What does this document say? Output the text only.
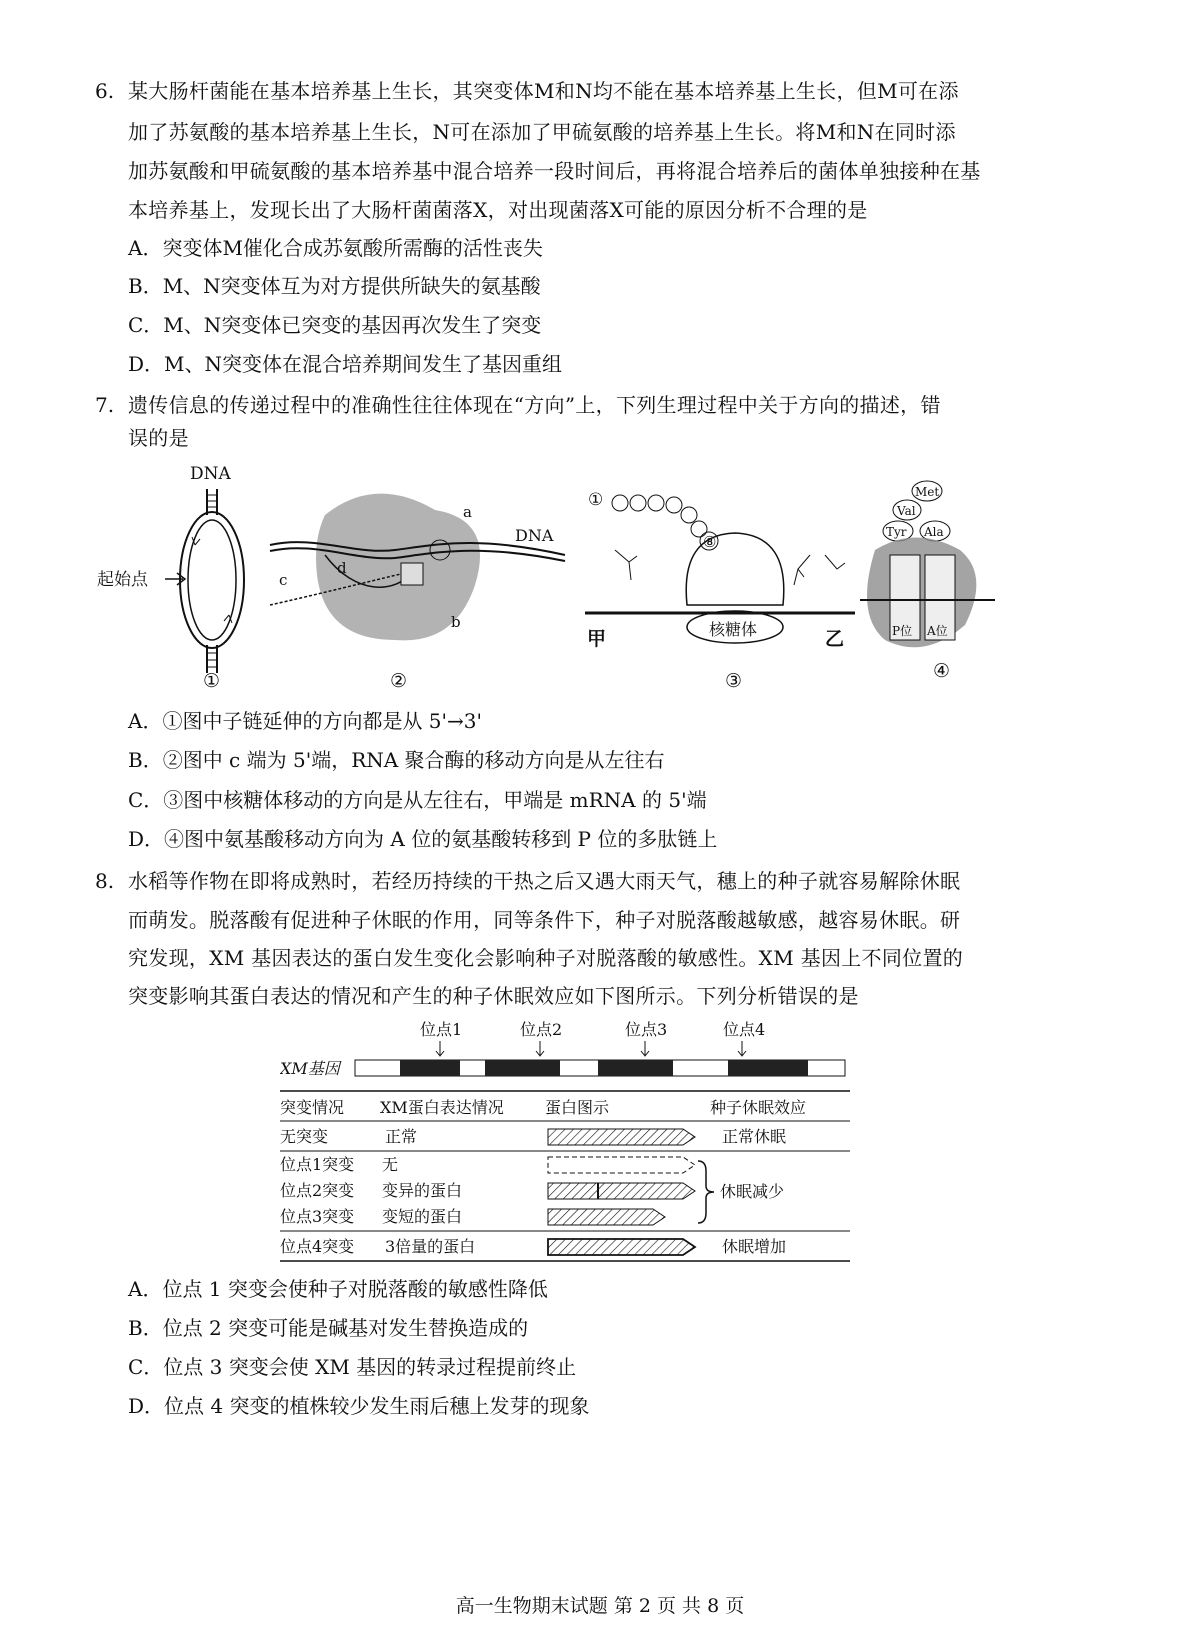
6. 某大肠杆菌能在基本培养基上生长，其突变体M和N均不能在基本培养基上生长，但M可在添
加了苏氨酸的基本培养基上生长，N可在添加了甲硫氨酸的培养基上生长。将M和N在同时添
加苏氨酸和甲硫氨酸的基本培养基中混合培养一段时间后，再将混合培养后的菌体单独接种在基
本培养基上，发现长出了大肠杆菌菌落X，对出现菌落X可能的原因分析不合理的是
A．突变体M催化合成苏氨酸所需酶的活性丧失
B．M、N突变体互为对方提供所缺失的氨基酸
C．M、N突变体已突变的基因再次发生了突变
D．M、N突变体在混合培养期间发生了基因重组
7. 遗传信息的传递过程中的准确性往往体现在“方向”上，下列生理过程中关于方向的描述，错
误的是
DNA
起始点
①
a
b
c
d
DNA
②
①
⑧
核糖体
甲	乙
③
Met
Val
Tyr Ala
P位 A位
④
A．①图中子链延伸的方向都是从 5'→3'
B．②图中 c 端为 5'端，RNA 聚合酶的移动方向是从左往右
C．③图中核糖体移动的方向是从左往右，甲端是 mRNA 的 5'端
D．④图中氨基酸移动方向为 A 位的氨基酸转移到 P 位的多肽链上
8. 水稻等作物在即将成熟时，若经历持续的干热之后又遇大雨天气，穗上的种子就容易解除休眠
而萌发。脱落酸有促进种子休眠的作用，同等条件下，种子对脱落酸越敏感，越容易休眠。研
究发现，XM 基因表达的蛋白发生变化会影响种子对脱落酸的敏感性。XM 基因上不同位置的
突变影响其蛋白表达的情况和产生的种子休眠效应如下图所示。下列分析错误的是
位点1	位点2	位点3	位点4
XM基因
突变情况 XM蛋白表达情况	蛋白图示	种子休眠效应
无突变	正常	正常休眠
位点1突变 无
位点2突变 变异的蛋白
位点3突变 变短的蛋白
休眠减少
位点4突变 3倍量的蛋白	休眠增加
A．位点 1 突变会使种子对脱落酸的敏感性降低
B．位点 2 突变可能是碱基对发生替换造成的
C．位点 3 突变会使 XM 基因的转录过程提前终止
D．位点 4 突变的植株较少发生雨后穗上发芽的现象
高一生物期末试题 第 2 页 共 8 页
